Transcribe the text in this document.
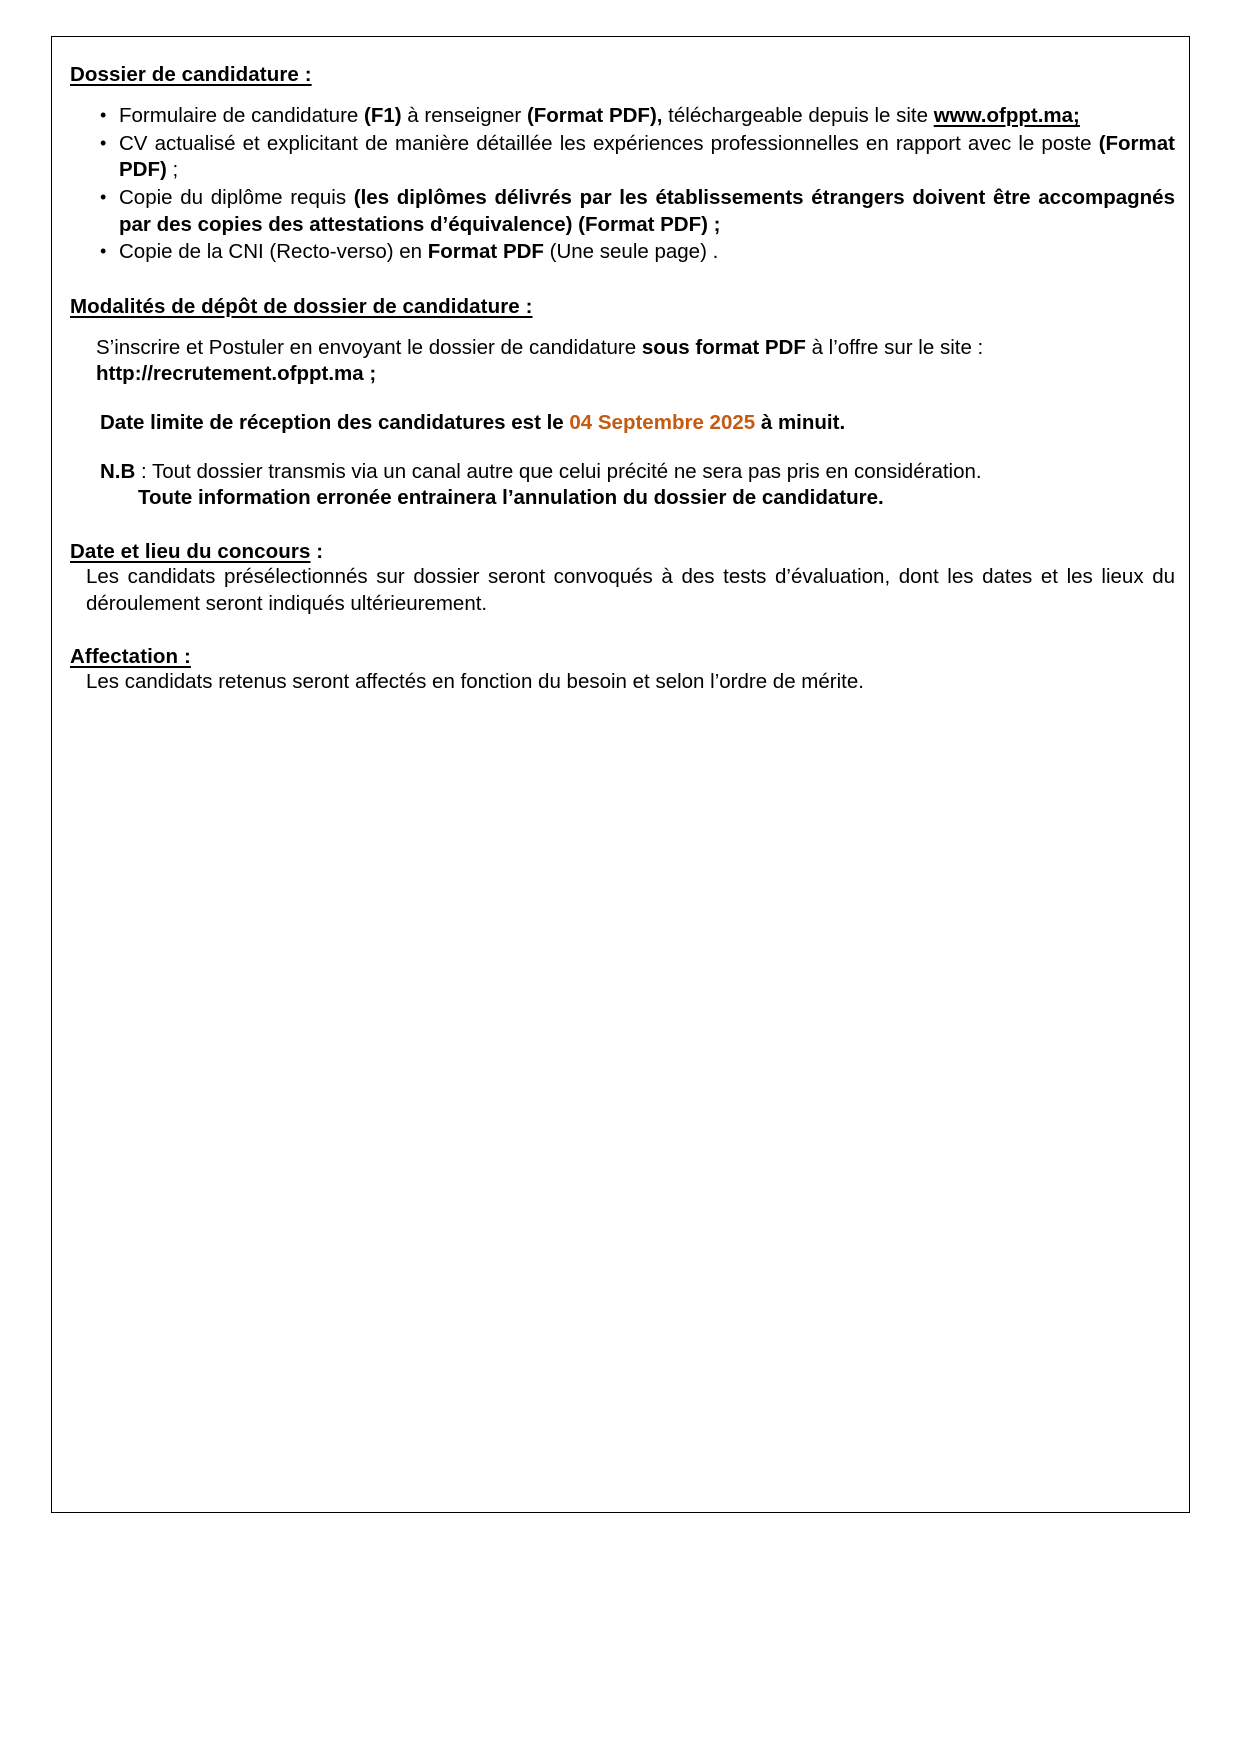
Dossier de candidature :

• Formulaire de candidature (F1) à renseigner (Format PDF), téléchargeable depuis le site www.ofppt.ma;
• CV actualisé et explicitant de manière détaillée les expériences professionnelles en rapport avec le poste (Format PDF) ;
• Copie du diplôme requis (les diplômes délivrés par les établissements étrangers doivent être accompagnés par des copies des attestations d’équivalence) (Format PDF) ;
• Copie de la CNI (Recto-verso) en Format PDF (Une seule page) .

Modalités de dépôt de dossier de candidature :

S’inscrire et Postuler en envoyant le dossier de candidature sous format PDF à l’offre sur le site :
http://recrutement.ofppt.ma ;

Date limite de réception des candidatures est le 04 Septembre 2025 à minuit.

N.B : Tout dossier transmis via un canal autre que celui précité ne sera pas pris en considération.

Toute information erronée entrainera l’annulation du dossier de candidature.

Date et lieu du concours :

Les candidats présélectionnés sur dossier seront convoqués à des tests d’évaluation, dont les dates et les lieux du déroulement seront indiqués ultérieurement.

Affectation :

Les candidats retenus seront affectés en fonction du besoin et selon l’ordre de mérite.
